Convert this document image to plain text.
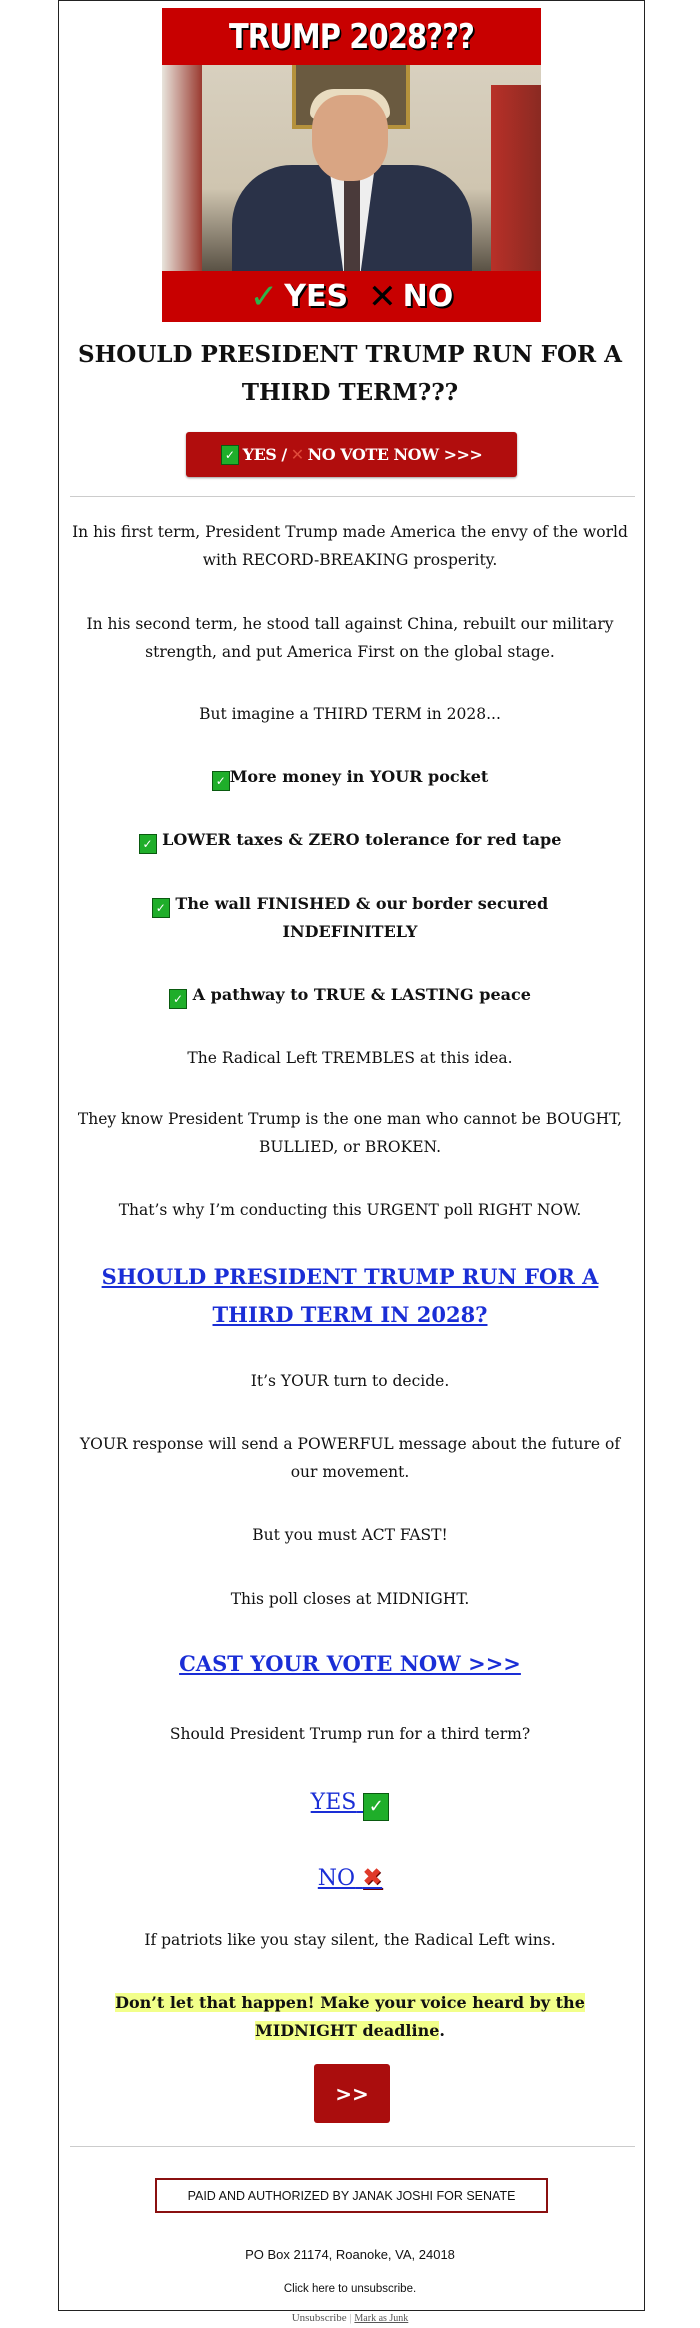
TRUMP 2028???
✓ YES ✕ NO
SHOULD PRESIDENT TRUMP RUN FOR A THIRD TERM???
✓ YES / ✕ NO VOTE NOW >>>
In his first term, President Trump made America the envy of the world with RECORD-BREAKING prosperity.
In his second term, he stood tall against China, rebuilt our military strength, and put America First on the global stage.
But imagine a THIRD TERM in 2028...
✓ More money in YOUR pocket
✓ LOWER taxes & ZERO tolerance for red tape
✓ The wall FINISHED & our border secured INDEFINITELY
✓ A pathway to TRUE & LASTING peace
The Radical Left TREMBLES at this idea.
They know President Trump is the one man who cannot be BOUGHT, BULLIED, or BROKEN.
That’s why I’m conducting this URGENT poll RIGHT NOW.
SHOULD PRESIDENT TRUMP RUN FOR A THIRD TERM IN 2028?
It’s YOUR turn to decide.
YOUR response will send a POWERFUL message about the future of our movement.
But you must ACT FAST!
This poll closes at MIDNIGHT.
CAST YOUR VOTE NOW >>>
Should President Trump run for a third term?
YES ✓
NO ✖
If patriots like you stay silent, the Radical Left wins.
Don’t let that happen! Make your voice heard by the MIDNIGHT deadline.
>>
PAID AND AUTHORIZED BY JANAK JOSHI FOR SENATE
PO Box 21174, Roanoke, VA, 24018
Click here to unsubscribe.
Unsubscribe | Mark as Junk
